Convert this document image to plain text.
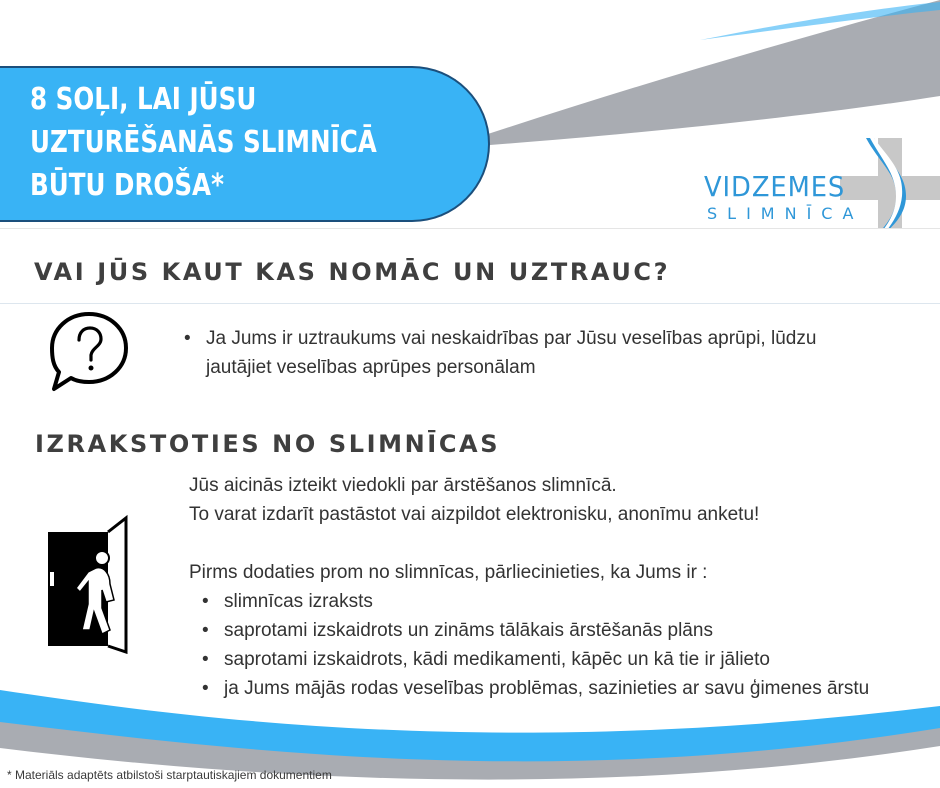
8 SOĻI, LAI JŪSU
UZTURĒŠANĀS SLIMNĪCĀ
BŪTU DROŠA*	VIDZEMES
SLIMNĪCA
VAI JŪS KAUT KAS NOMĀC UN UZTRAUC?
• Ja Jums ir uztraukums vai neskaidrības par Jūsu veselības aprūpi, lūdzu jautājiet veselības aprūpes personālam
IZRAKSTOTIES NO SLIMNĪCAS
Jūs aicinās izteikt viedokli par ārstēšanos slimnīcā.
To varat izdarīt pastāstot vai aizpildot elektronisku, anonīmu anketu!
Pirms dodaties prom no slimnīcas, pārliecinieties, ka Jums ir :
• slimnīcas izraksts
• saprotami izskaidrots un zināms tālākais ārstēšanās plāns
• saprotami izskaidrots, kādi medikamenti, kāpēc un kā tie ir jālieto
• ja Jums mājās rodas veselības problēmas, sazinieties ar savu ģimenes ārstu
* Materiāls adaptēts atbilstoši starptautiskajiem dokumentiem
